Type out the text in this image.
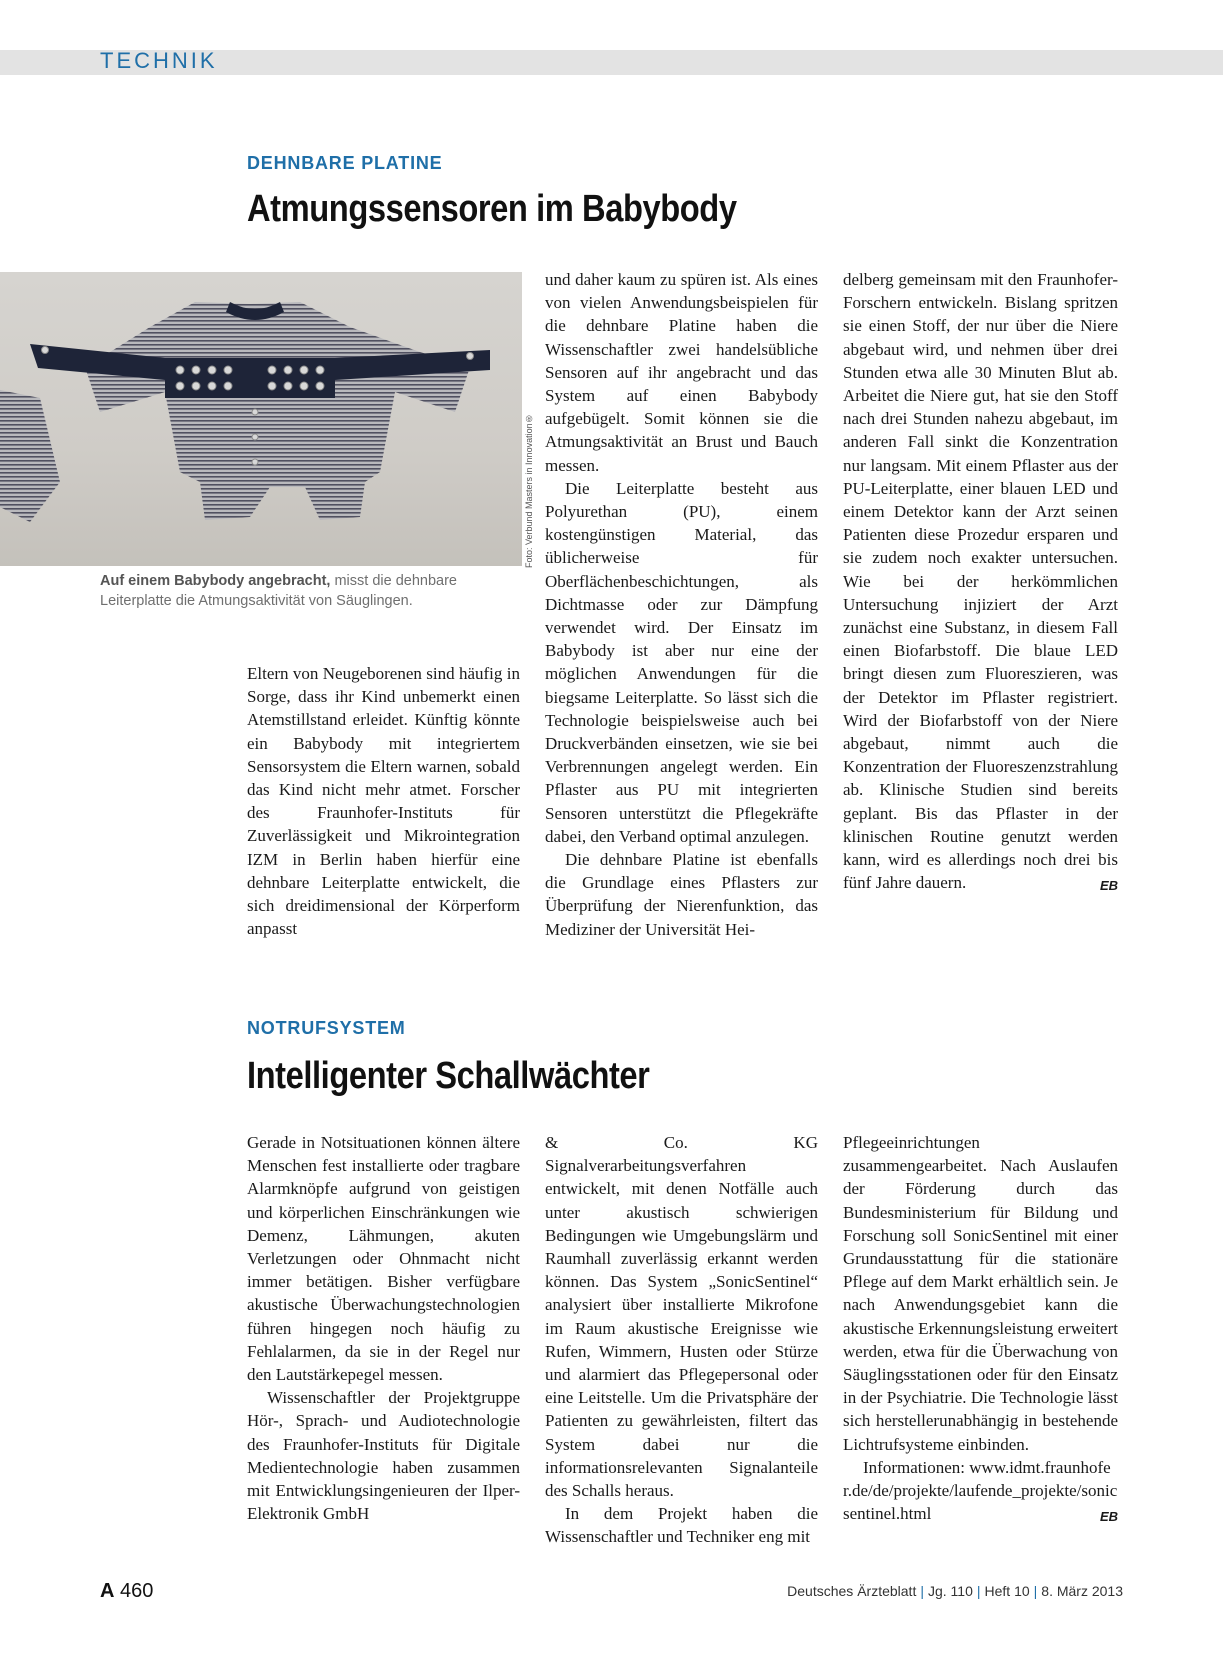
TECHNIK
DEHNBARE PLATINE
Atmungssensoren im Babybody
Foto: Verbund Masters in Innovation®
Auf einem Babybody angebracht, misst die dehnbare Leiterplatte die Atmungsaktivität von Säuglingen.

Eltern von Neugeborenen sind häufig in Sorge, dass ihr Kind unbemerkt einen Atemstillstand erleidet. Künftig könnte ein Babybody mit integriertem Sensorsystem die Eltern warnen, sobald das Kind nicht mehr atmet. Forscher des Fraunhofer-Instituts für Zuverlässigkeit und Mikrointegration IZM in Berlin haben hierfür eine dehnbare Leiterplatte entwickelt, die sich dreidimensional der Körperform anpasst

und daher kaum zu spüren ist. Als eines von vielen Anwendungsbeispielen für die dehnbare Platine haben die Wissenschaftler zwei handelsübliche Sensoren auf ihr angebracht und das System auf einen Babybody aufgebügelt. Somit können sie die Atmungsaktivität an Brust und Bauch messen.

Die Leiterplatte besteht aus Polyurethan (PU), einem kostengünstigen Material, das üblicherweise für Oberflächenbeschichtungen, als Dichtmasse oder zur Dämpfung verwendet wird. Der Einsatz im Babybody ist aber nur eine der möglichen Anwendungen für die biegsame Leiterplatte. So lässt sich die Technologie beispielsweise auch bei Druckverbänden einsetzen, wie sie bei Verbrennungen angelegt werden. Ein Pflaster aus PU mit integrierten Sensoren unterstützt die Pflegekräfte dabei, den Verband optimal anzulegen.

Die dehnbare Platine ist ebenfalls die Grundlage eines Pflasters zur Überprüfung der Nierenfunktion, das Mediziner der Universität Hei-

delberg gemeinsam mit den Fraunhofer-Forschern entwickeln. Bislang spritzen sie einen Stoff, der nur über die Niere abgebaut wird, und nehmen über drei Stunden etwa alle 30 Minuten Blut ab. Arbeitet die Niere gut, hat sie den Stoff nach drei Stunden nahezu abgebaut, im anderen Fall sinkt die Konzentration nur langsam. Mit einem Pflaster aus der PU-Leiterplatte, einer blauen LED und einem Detektor kann der Arzt seinen Patienten diese Prozedur ersparen und sie zudem noch exakter untersuchen. Wie bei der herkömmlichen Untersuchung injiziert der Arzt zunächst eine Substanz, in diesem Fall einen Biofarbstoff. Die blaue LED bringt diesen zum Fluoreszieren, was der Detektor im Pflaster registriert. Wird der Biofarbstoff von der Niere abgebaut, nimmt auch die Konzentration der Fluoreszenzstrahlung ab. Klinische Studien sind bereits geplant. Bis das Pflaster in der klinischen Routine genutzt werden kann, wird es allerdings noch drei bis fünf Jahre dauern.	EB

NOTRUFSYSTEM
Intelligenter Schallwächter

Gerade in Notsituationen können ältere Menschen fest installierte oder tragbare Alarmknöpfe aufgrund von geistigen und körperlichen Einschränkungen wie Demenz, Lähmungen, akuten Verletzungen oder Ohnmacht nicht immer betätigen. Bisher verfügbare akustische Überwachungstechnologien führen hingegen noch häufig zu Fehlalarmen, da sie in der Regel nur den Lautstärkepegel messen.

Wissenschaftler der Projektgruppe Hör-, Sprach- und Audiotechnologie des Fraunhofer-Instituts für Digitale Medientechnologie haben zusammen mit Entwicklungsingenieuren der Ilper-Elektronik GmbH

& Co. KG Signalverarbeitungsverfahren entwickelt, mit denen Notfälle auch unter akustisch schwierigen Bedingungen wie Umgebungslärm und Raumhall zuverlässig erkannt werden können. Das System „SonicSentinel“ analysiert über installierte Mikrofone im Raum akustische Ereignisse wie Rufen, Wimmern, Husten oder Stürze und alarmiert das Pflegepersonal oder eine Leitstelle. Um die Privatsphäre der Patienten zu gewährleisten, filtert das System dabei nur die informationsrelevanten Signalanteile des Schalls heraus.

In dem Projekt haben die Wissenschaftler und Techniker eng mit

Pflegeeinrichtungen zusammengearbeitet. Nach Auslaufen der Förderung durch das Bundesministerium für Bildung und Forschung soll SonicSentinel mit einer Grundausstattung für die stationäre Pflege auf dem Markt erhältlich sein. Je nach Anwendungsgebiet kann die akustische Erkennungsleistung erweitert werden, etwa für die Überwachung von Säuglingsstationen oder für den Einsatz in der Psychiatrie. Die Technologie lässt sich herstellerunabhängig in bestehende Lichtrufsysteme einbinden.

Informationen: www.idmt.fraunhofer.de/de/projekte/laufende_projekte/sonicsentinel.html	EB

A 460	Deutsches Ärzteblatt | Jg. 110 | Heft 10 | 8. März 2013
